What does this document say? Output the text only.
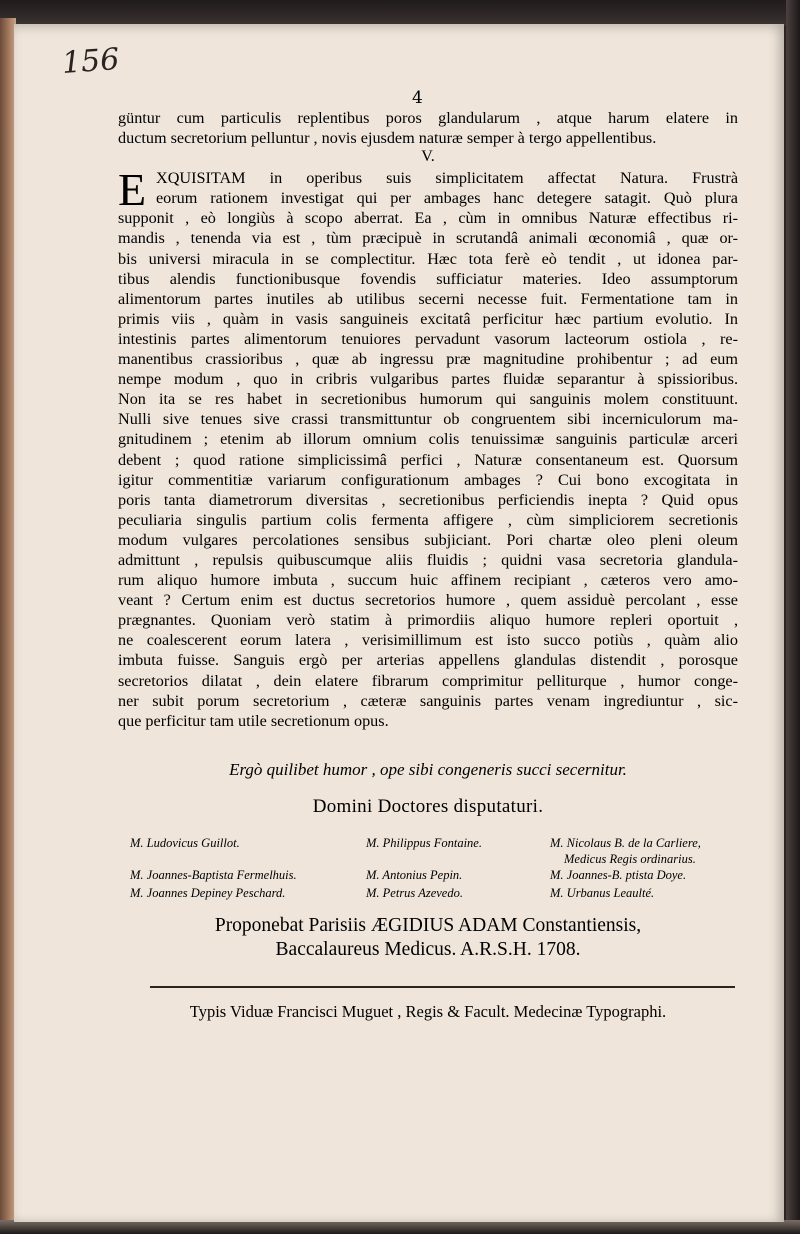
156
4
güntur cum particulis replentibus poros glandularum , atque harum elatere in
ductum secretorium pelluntur , novis ejusdem naturæ semper à tergo appellentibus.
V.
E XQUISITAM in operibus suis simplicitatem affectat Natura. Frustrà
eorum rationem investigat qui per ambages hanc detegere satagit. Quò plura
supponit , eò longiùs à scopo aberrat. Ea , cùm in omnibus Naturæ effectibus ri-
mandis , tenenda via est , tùm præcipuè in scrutandâ animali œconomiâ , quæ or-
bis universi miracula in se complectitur. Hæc tota ferè eò tendit , ut idonea par-
tibus alendis functionibusque fovendis sufficiatur materies. Ideo assumptorum
alimentorum partes inutiles ab utilibus secerni necesse fuit. Fermentatione tam in
primis viis , quàm in vasis sanguineis excitatâ perficitur hæc partium evolutio. In
intestinis partes alimentorum tenuiores pervadunt vasorum lacteorum ostiola , re-
manentibus crassioribus , quæ ab ingressu præ magnitudine prohibentur ; ad eum
nempe modum , quo in cribris vulgaribus partes fluidæ separantur à spissioribus.
Non ita se res habet in secretionibus humorum qui sanguinis molem constituunt.
Nulli sive tenues sive crassi transmittuntur ob congruentem sibi incerniculorum ma-
gnitudinem ; etenim ab illorum omnium colis tenuissimæ sanguinis particulæ arceri
debent ; quod ratione simplicissimâ perfici , Naturæ consentaneum est. Quorsum
igitur commentitiæ variarum configurationum ambages ? Cui bono excogitata in
poris tanta diametrorum diversitas , secretionibus perficiendis inepta ? Quid opus
peculiaria singulis partium colis fermenta affigere , cùm simpliciorem secretionis
modum vulgares percolationes sensibus subjiciant. Pori chartæ oleo pleni oleum
admittunt , repulsis quibuscumque aliis fluidis ; quidni vasa secretoria glandula-
rum aliquo humore imbuta , succum huic affinem recipiant , cæteros vero amo-
veant ? Certum enim est ductus secretorios humore , quem assiduè percolant , esse
prægnantes. Quoniam verò statim à primordiis aliquo humore repleri oportuit ,
ne coalescerent eorum latera , verisimillimum est isto succo potiùs , quàm alio
imbuta fuisse. Sanguis ergò per arterias appellens glandulas distendit , porosque
secretorios dilatat , dein elatere fibrarum comprimitur pelliturque , humor conge-
ner subit porum secretorium , cæteræ sanguinis partes venam ingrediuntur , sic-
que perficitur tam utile secretionum opus.
Ergò quilibet humor , ope sibi congeneris succi secernitur.
Domini Doctores disputaturi.
M. Ludovicus Guillot.
M. Joannes-Baptista Fermelhuis.
M. Joannes Depiney Peschard.
M. Philippus Fontaine.
M. Antonius Pepin.
M. Petrus Azevedo.
M. Nicolaus B. de la Carliere,
Medicus Regis ordinarius.
M. Joannes-B. ptista Doye.
M. Urbanus Leaulté.
Proponebat Parisiis ÆGIDIUS ADAM Constantiensis,
Baccalaureus Medicus. A.R.S.H. 1708.
Typis Viduæ Francisci Muguet , Regis & Facult. Medecinæ Typographi.
